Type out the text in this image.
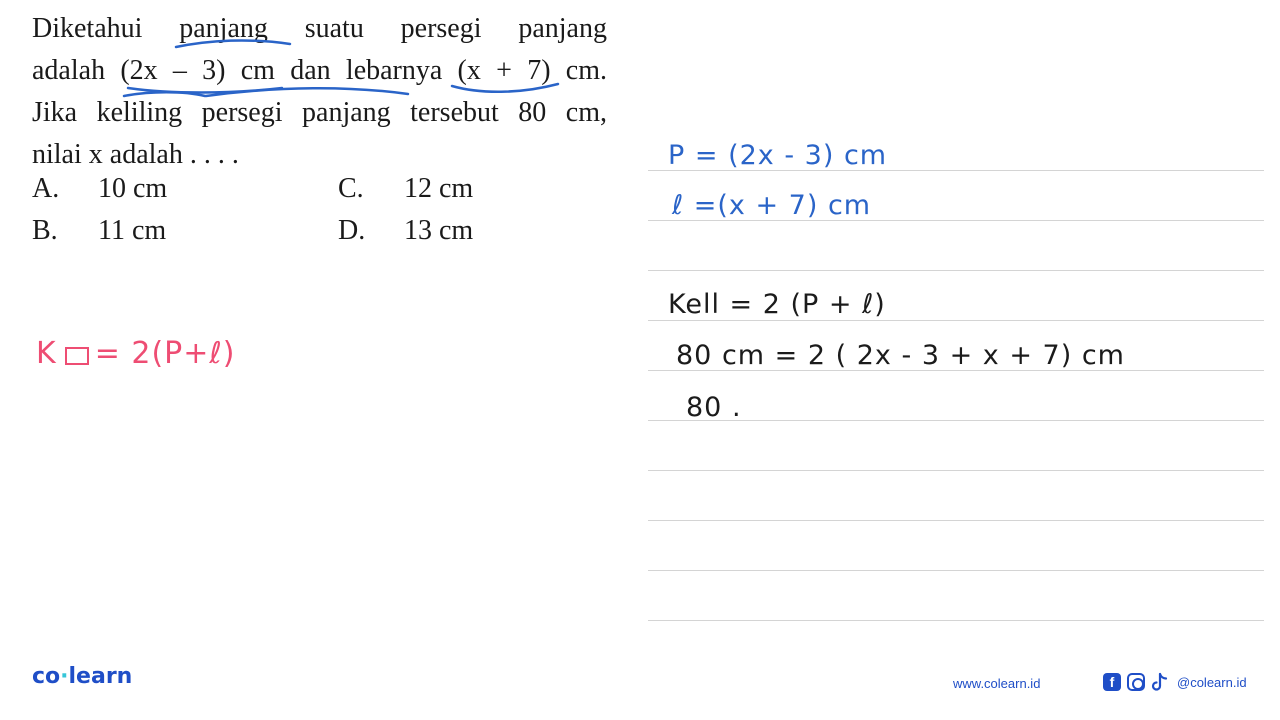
Diketahui panjang suatu persegi panjang
adalah (2x – 3) cm dan lebarnya (x + 7) cm.
Jika keliling persegi panjang tersebut 80 cm,
nilai x adalah . . . .
A. 10 cm
B. 11 cm
C. 12 cm
D. 13 cm
P = (2x - 3) cm
ℓ =(x + 7) cm
Kell = 2 (P + ℓ)
80 cm = 2 ( 2x - 3 + x + 7) cm
80 .
K = 2(P+ℓ)
co·learn	www.colearn.id	f	@colearn.id
